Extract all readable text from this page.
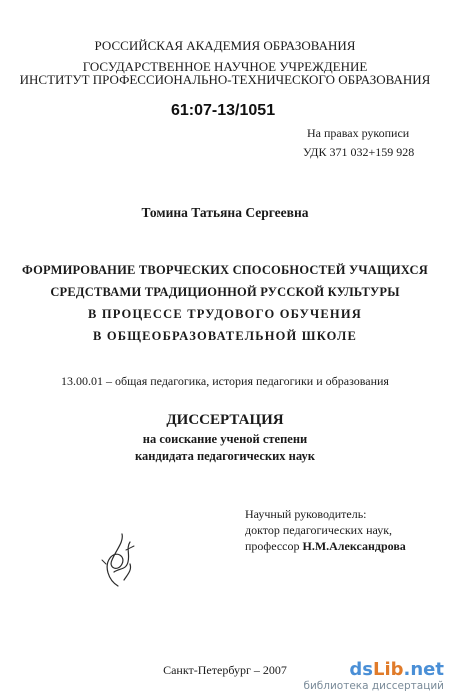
РОССИЙСКАЯ АКАДЕМИЯ ОБРАЗОВАНИЯ
ГОСУДАРСТВЕННОЕ НАУЧНОЕ УЧРЕЖДЕНИЕ
ИНСТИТУТ ПРОФЕССИОНАЛЬНО-ТЕХНИЧЕСКОГО ОБРАЗОВАНИЯ
61:07-13/1051
На правах рукописи
УДК 371 032+159 928
Томина Татьяна Сергеевна
ФОРМИРОВАНИЕ ТВОРЧЕСКИХ СПОСОБНОСТЕЙ УЧАЩИХСЯ
СРЕДСТВАМИ ТРАДИЦИОННОЙ РУССКОЙ КУЛЬТУРЫ
В ПРОЦЕССЕ ТРУДОВОГО ОБУЧЕНИЯ
В ОБЩЕОБРАЗОВАТЕЛЬНОЙ ШКОЛЕ
13.00.01 – общая педагогика, история педагогики и образования
ДИССЕРТАЦИЯ
на соискание ученой степени
кандидата педагогических наук
Научный руководитель:
доктор педагогических наук,
профессор Н.М.Александрова
Санкт-Петербург – 2007	dsLib.net
библиотека диссертаций
